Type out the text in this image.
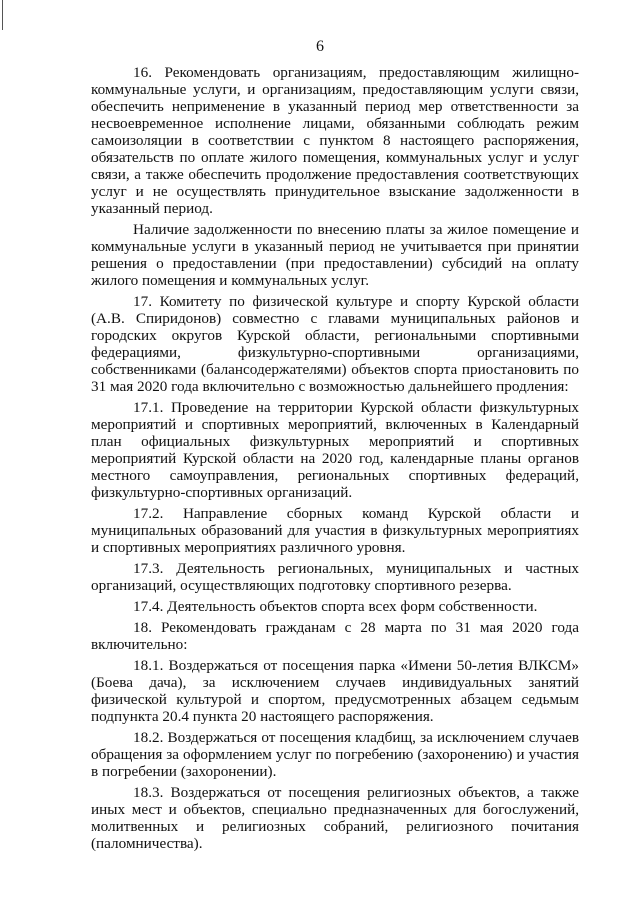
6

16. Рекомендовать организациям, предоставляющим жилищно-коммунальные услуги, и организациям, предоставляющим услуги связи, обеспечить неприменение в указанный период мер ответственности за несвоевременное исполнение лицами, обязанными соблюдать режим самоизоляции в соответствии с пунктом 8 настоящего распоряжения, обязательств по оплате жилого помещения, коммунальных услуг и услуг связи, а также обеспечить продолжение предоставления соответствующих услуг и не осуществлять принудительное взыскание задолженности в указанный период.

Наличие задолженности по внесению платы за жилое помещение и коммунальные услуги в указанный период не учитывается при принятии решения о предоставлении (при предоставлении) субсидий на оплату жилого помещения и коммунальных услуг.

17. Комитету по физической культуре и спорту Курской области (А.В. Спиридонов) совместно с главами муниципальных районов и городских округов Курской области, региональными спортивными федерациями, физкультурно-спортивными организациями, собственниками (балансодержателями) объектов спорта приостановить по 31 мая 2020 года включительно с возможностью дальнейшего продления:

17.1. Проведение на территории Курской области физкультурных мероприятий и спортивных мероприятий, включенных в Календарный план официальных физкультурных мероприятий и спортивных мероприятий Курской области на 2020 год, календарные планы органов местного самоуправления, региональных спортивных федераций, физкультурно-спортивных организаций.

17.2. Направление сборных команд Курской области и муниципальных образований для участия в физкультурных мероприятиях и спортивных мероприятиях различного уровня.

17.3. Деятельность региональных, муниципальных и частных организаций, осуществляющих подготовку спортивного резерва.

17.4. Деятельность объектов спорта всех форм собственности.

18. Рекомендовать гражданам с 28 марта по 31 мая 2020 года включительно:

18.1. Воздержаться от посещения парка «Имени 50-летия ВЛКСМ» (Боева дача), за исключением случаев индивидуальных занятий физической культурой и спортом, предусмотренных абзацем седьмым подпункта 20.4 пункта 20 настоящего распоряжения.

18.2. Воздержаться от посещения кладбищ, за исключением случаев обращения за оформлением услуг по погребению (захоронению) и участия в погребении (захоронении).

18.3. Воздержаться от посещения религиозных объектов, а также иных мест и объектов, специально предназначенных для богослужений, молитвенных и религиозных собраний, религиозного почитания (паломничества).
